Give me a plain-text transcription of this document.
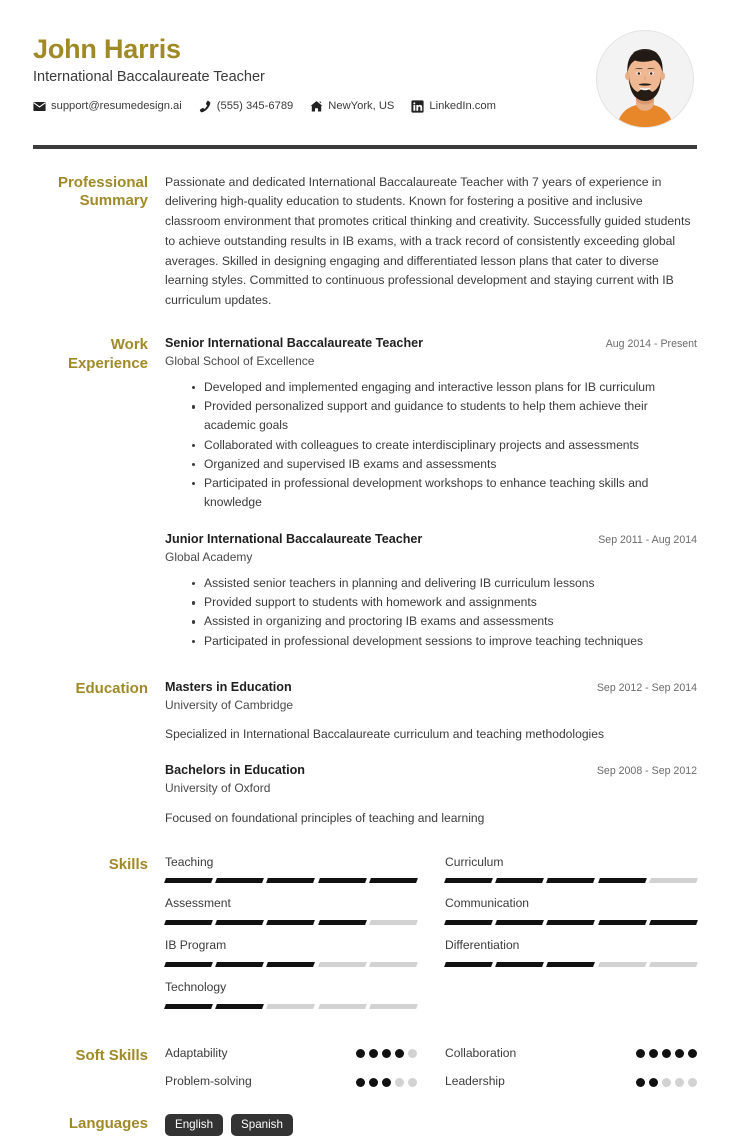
John Harris
International Baccalaureate Teacher
support@resumedesign.ai	(555) 345-6789	NewYork, US	LinkedIn.com
Professional Summary

Passionate and dedicated International Baccalaureate Teacher with 7 years of experience in delivering high-quality education to students. Known for fostering a positive and inclusive classroom environment that promotes critical thinking and creativity. Successfully guided students to achieve outstanding results in IB exams, with a track record of consistently exceeding global averages. Skilled in designing engaging and differentiated lesson plans that cater to diverse learning styles. Committed to continuous professional development and staying current with IB curriculum updates.

Work Experience
Senior International Baccalaureate Teacher	Aug 2014 - Present
Global School of Excellence
Developed and implemented engaging and interactive lesson plans for IB curriculum
Provided personalized support and guidance to students to help them achieve their academic goals
Collaborated with colleagues to create interdisciplinary projects and assessments
Organized and supervised IB exams and assessments
Participated in professional development workshops to enhance teaching skills and knowledge
Junior International Baccalaureate Teacher	Sep 2011 - Aug 2014
Global Academy
Assisted senior teachers in planning and delivering IB curriculum lessons
Provided support to students with homework and assignments
Assisted in organizing and proctoring IB exams and assessments
Participated in professional development sessions to improve teaching techniques
Education	Masters in Education	Sep 2012 - Sep 2014
University of Cambridge
Specialized in International Baccalaureate curriculum and teaching methodologies
Bachelors in Education	Sep 2008 - Sep 2012
University of Oxford
Focused on foundational principles of teaching and learning
Skills	Teaching	Curriculum
Assessment	Communication
IB Program	Differentiation
Technology
Soft Skills	Adaptability	Collaboration
Problem-solving	Leadership
Languages	English	Spanish
